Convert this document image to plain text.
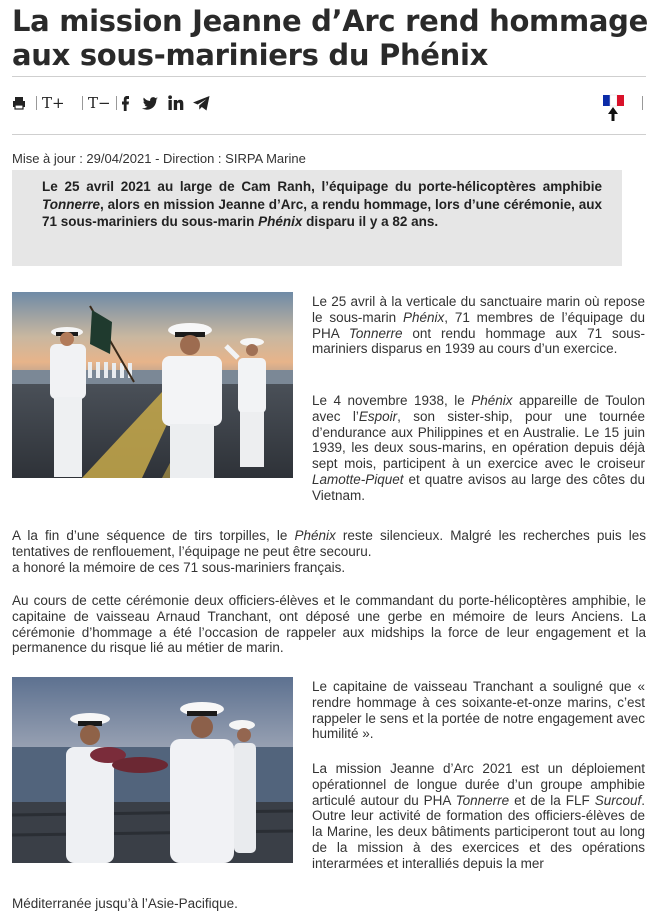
La mission Jeanne d’Arc rend hommage aux sous-mariniers du Phénix
T+ T−
Mise à jour : 29/04/2021 - Direction : SIRPA Marine

Le 25 avril 2021 au large de Cam Ranh, l’équipage du porte-hélicoptères amphibie Tonnerre, alors en mission Jeanne d’Arc, a rendu hommage, lors d’une cérémonie, aux 71 sous-mariniers du sous-marin Phénix disparu il y a 82 ans.

Le 25 avril à la verticale du sanctuaire marin où repose le sous-marin Phénix, 71 membres de l’équipage du PHA Tonnerre ont rendu hommage aux 71 sous-mariniers disparus en 1939 au cours d’un exercice.

Le 4 novembre 1938, le Phénix appareille de Toulon avec l’Espoir, son sister-ship, pour une tournée d’endurance aux Philippines et en Australie. Le 15 juin 1939, les deux sous-marins, en opération depuis déjà sept mois, participent à un exercice avec le croiseur Lamotte-Piquet et quatre avisos au large des côtes du Vietnam.

A la fin d’une séquence de tirs torpilles, le Phénix reste silencieux. Malgré les recherches puis les tentatives de renflouement, l’équipage ne peut être secouru.
a honoré la mémoire de ces 71 sous-mariniers français.

Au cours de cette cérémonie deux officiers-élèves et le commandant du porte-hélicoptères amphibie, le capitaine de vaisseau Arnaud Tranchant, ont déposé une gerbe en mémoire de leurs Anciens. La cérémonie d’hommage a été l’occasion de rappeler aux midships la force de leur engagement et la permanence du risque lié au métier de marin.

Le capitaine de vaisseau Tranchant a souligné que « rendre hommage à ces soixante-et-onze marins, c’est rappeler le sens et la portée de notre engagement avec humilité ».

La mission Jeanne d’Arc 2021 est un déploiement opérationnel de longue durée d’un groupe amphibie articulé autour du PHA Tonnerre et de la FLF Surcouf. Outre leur activité de formation des officiers-élèves de la Marine, les deux bâtiments participeront tout au long de la mission à des exercices et des opérations interarmées et interalliés depuis la mer

Méditerranée jusqu’à l’Asie-Pacifique.
